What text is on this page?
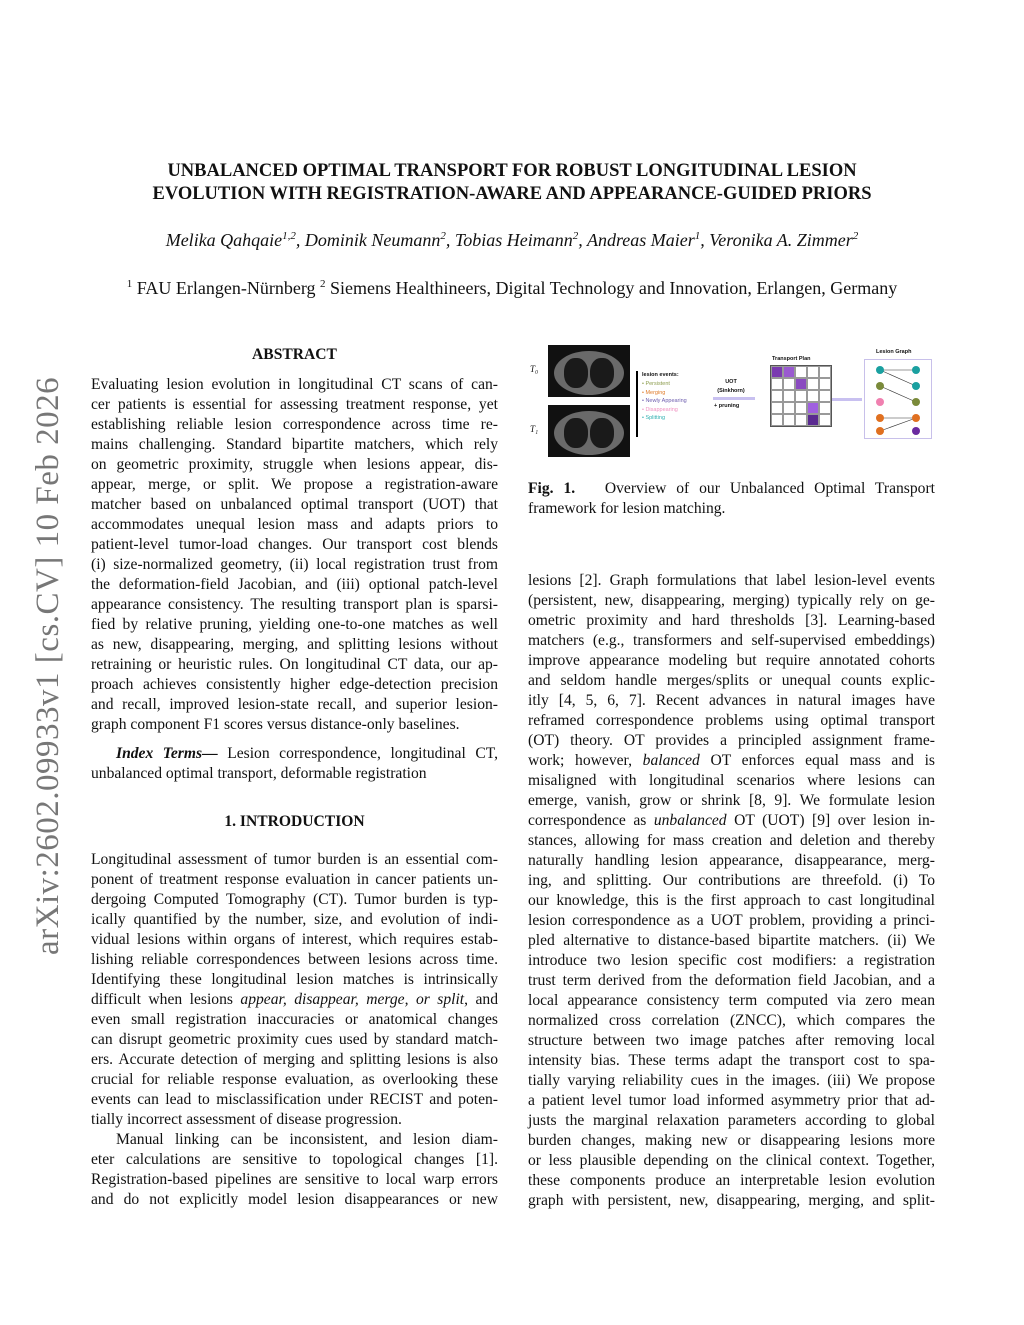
arXiv:2602.09933v1 [cs.CV] 10 Feb 2026
UNBALANCED OPTIMAL TRANSPORT FOR ROBUST LONGITUDINAL LESION
EVOLUTION WITH REGISTRATION-AWARE AND APPEARANCE-GUIDED PRIORS
Melika Qahqaie$^{1,2}$, Dominik Neumann$^2$, Tobias Heimann$^2$, Andreas Maier$^1$, Veronika A. Zimmer$^2$
$^1$ FAU Erlangen-Nürnberg $^2$ Siemens Healthineers, Digital Technology and Innovation, Erlangen, Germany
ABSTRACT
Evaluating lesion evolution in longitudinal CT scans of can-
cer patients is essential for assessing treatment response, yet
establishing reliable lesion correspondence across time re-
mains challenging. Standard bipartite matchers, which rely
on geometric proximity, struggle when lesions appear, dis-
appear, merge, or split. We propose a registration-aware
matcher based on unbalanced optimal transport (UOT) that
accommodates unequal lesion mass and adapts priors to
patient-level tumor-load changes. Our transport cost blends
(i) size-normalized geometry, (ii) local registration trust from
the deformation-field Jacobian, and (iii) optional patch-level
appearance consistency. The resulting transport plan is sparsi-
fied by relative pruning, yielding one-to-one matches as well
as new, disappearing, merging, and splitting lesions without
retraining or heuristic rules. On longitudinal CT data, our ap-
proach achieves consistently higher edge-detection precision
and recall, improved lesion-state recall, and superior lesion-
graph component F1 scores versus distance-only baselines.
Index Terms— Lesion correspondence, longitudinal CT,
unbalanced optimal transport, deformable registration
1. INTRODUCTION
Longitudinal assessment of tumor burden is an essential com-
ponent of treatment response evaluation in cancer patients un-
dergoing Computed Tomography (CT). Tumor burden is typ-
ically quantified by the number, size, and evolution of indi-
vidual lesions within organs of interest, which requires estab-
lishing reliable correspondences between lesions across time.
Identifying these longitudinal lesion matches is intrinsically
difficult when lesions appear, disappear, merge, or split, and
even small registration inaccuracies or anatomical changes
can disrupt geometric proximity cues used by standard match-
ers. Accurate detection of merging and splitting lesions is also
crucial for reliable response evaluation, as overlooking these
events can lead to misclassification under RECIST and poten-
tially incorrect assessment of disease progression.
Manual linking can be inconsistent, and lesion diam-
eter calculations are sensitive to topological changes [1].
Registration-based pipelines are sensitive to local warp errors
and do not explicitly model lesion disappearances or new
T₀
T₁
lesion events:
• Persistent
• Merging
• Newly Appearing
• Disappearing
• Splitting
UOT
(Sinkhorn)
+ pruning
Transport Plan
Lesion Graph
Fig. 1. Overview of our Unbalanced Optimal Transport
framework for lesion matching.
lesions [2]. Graph formulations that label lesion-level events
(persistent, new, disappearing, merging) typically rely on ge-
ometric proximity and hard thresholds [3]. Learning-based
matchers (e.g., transformers and self-supervised embeddings)
improve appearance modeling but require annotated cohorts
and seldom handle merges/splits or unequal counts explic-
itly [4, 5, 6, 7]. Recent advances in natural images have
reframed correspondence problems using optimal transport
(OT) theory. OT provides a principled assignment frame-
work; however, balanced OT enforces equal mass and is
misaligned with longitudinal scenarios where lesions can
emerge, vanish, grow or shrink [8, 9]. We formulate lesion
correspondence as unbalanced OT (UOT) [9] over lesion in-
stances, allowing for mass creation and deletion and thereby
naturally handling lesion appearance, disappearance, merg-
ing, and splitting. Our contributions are threefold. (i) To
our knowledge, this is the first approach to cast longitudinal
lesion correspondence as a UOT problem, providing a princi-
pled alternative to distance-based bipartite matchers. (ii) We
introduce two lesion specific cost modifiers: a registration
trust term derived from the deformation field Jacobian, and a
local appearance consistency term computed via zero mean
normalized cross correlation (ZNCC), which compares the
structure between two image patches after removing local
intensity bias. These terms adapt the transport cost to spa-
tially varying reliability cues in the images. (iii) We propose
a patient level tumor load informed asymmetry prior that ad-
justs the marginal relaxation parameters according to global
burden changes, making new or disappearing lesions more
or less plausible depending on the clinical context. Together,
these components produce an interpretable lesion evolution
graph with persistent, new, disappearing, merging, and split-
